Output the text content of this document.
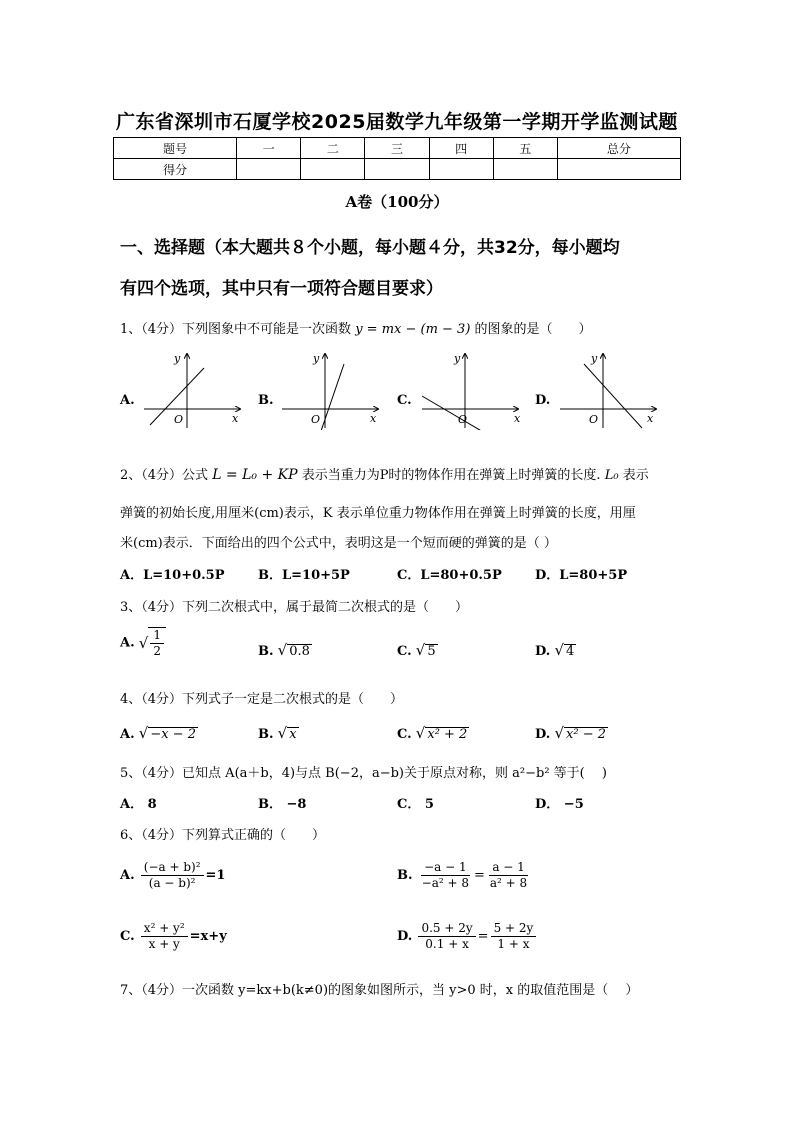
广东省深圳市石厦学校2025届数学九年级第一学期开学监测试题
题号	一	二	三	四	五	总分
得分						
A卷（100分）
一、选择题（本大题共８个小题，每小题４分，共32分，每小题均
有四个选项，其中只有一项符合题目要求）
1、（4分）下列图象中不可能是一次函数 y = mx − (m − 3) 的图象的是（　　）
A.
y
x
O
B.
y
x
O
C.
y
x
O
D.
y
x
O
2、（4分）公式 L = L₀ + KP 表示当重力为P时的物体作用在弹簧上时弹簧的长度. L₀ 表示
弹簧的初始长度,用厘米(cm)表示，K 表示单位重力物体作用在弹簧上时弹簧的长度，用厘
米(cm)表示．下面给出的四个公式中，表明这是一个短而硬的弹簧的是（ ）
A．L=10+0.5P	B．L=10+5P	C．L=80+0.5P	D．L=80+5P
3、（4分）下列二次根式中，属于最简二次根式的是（　　）
A. √ $\frac{1}{2}$	B. √ 0.8	C. √ 5	D. √ 4
4、（4分）下列式子一定是二次根式的是（　　）
A. √ −x − 2	B. √ x	C. √ x² + 2	D. √ x² − 2
5、（4分）已知点 A(a＋b，4)与点 B(−2，a−b)关于原点对称，则 a²−b² 等于(　 )
A． 8	B． −8	C． 5	D． −5
6、（4分）下列算式正确的（　　）
A. $\frac{\text{(−a + b)²}}{\text{(a − b)²}} =1$	B. $\frac{-a - 1}{\text{−a² + 8}} = \frac{a - 1}{\text{a² + 8}}$
C. $\frac{\text{x² + y²}}{x + y} =x+y$	D. $\frac{0.5 + 2y}{0.1 + x} = \frac{5 + 2y}{1 + x}$
7、（4分）一次函数 y=kx+b(k≠0)的图象如图所示，当 y>0 时，x 的取值范围是（　 ）
